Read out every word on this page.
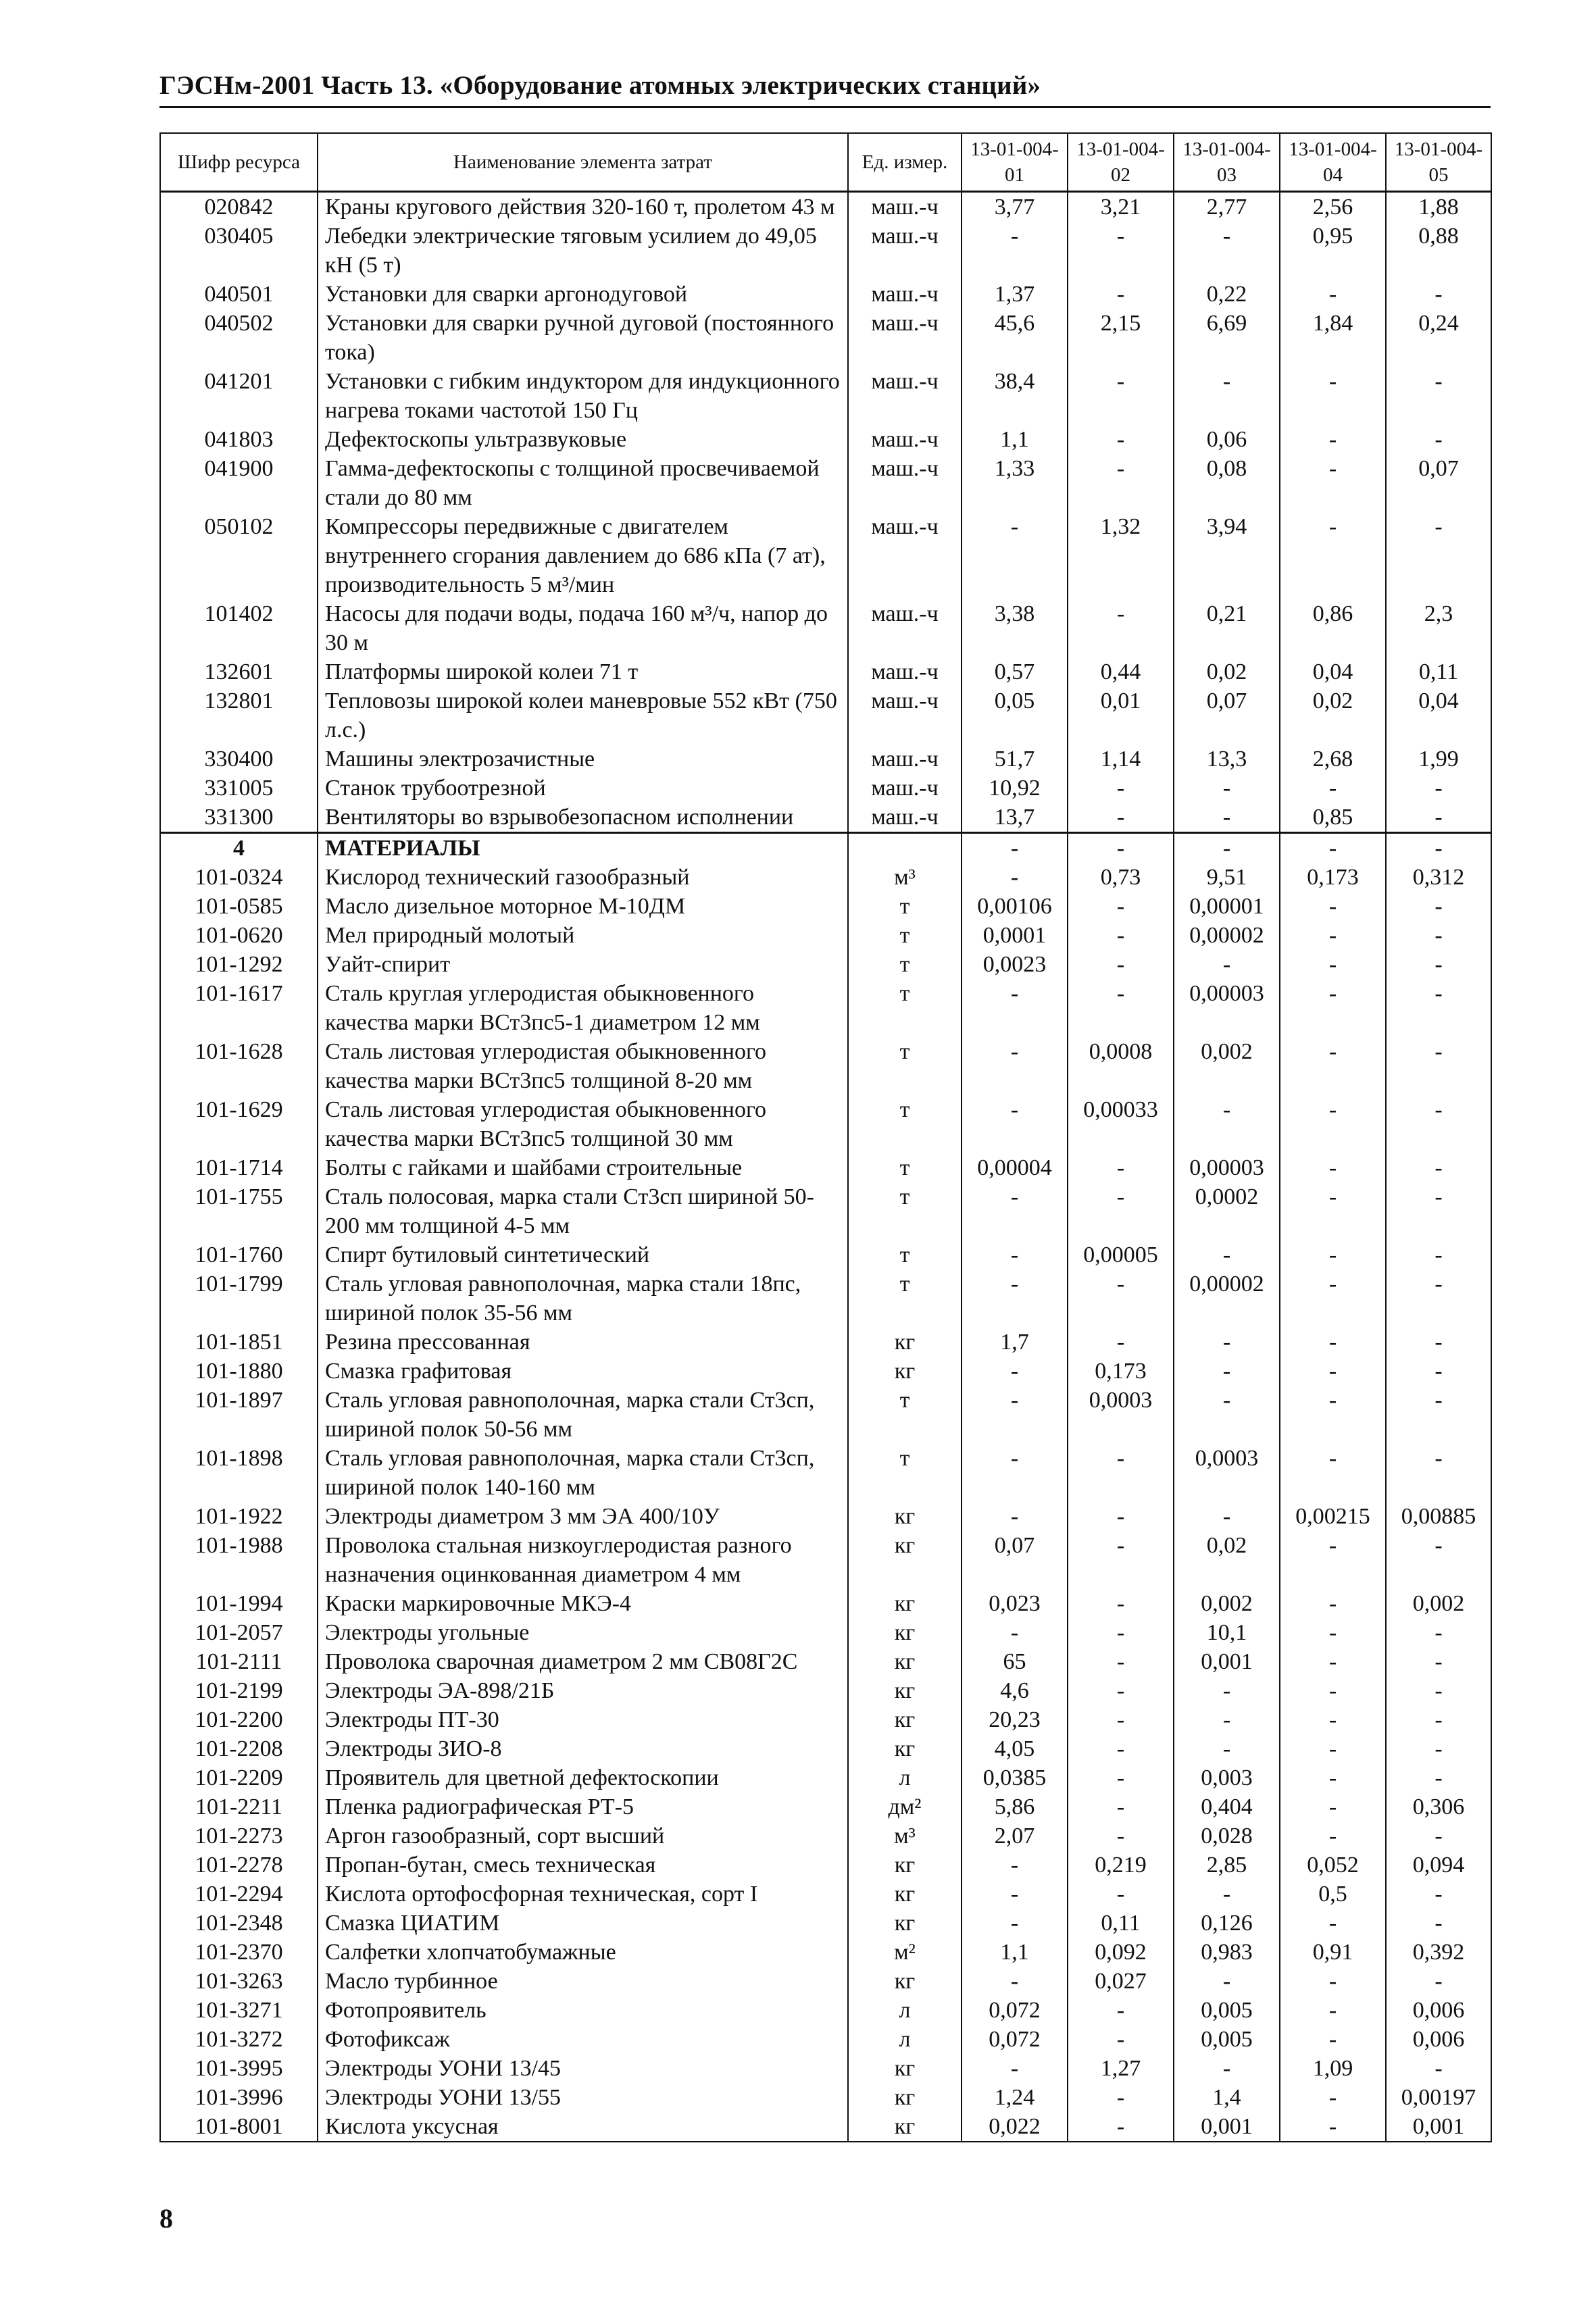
ГЭСНм-2001 Часть 13. «Оборудование атомных электрических станций»
Шифр ресурса	Наименование элемента затрат	Ед. измер.	13-01-004-01	13-01-004-02	13-01-004-03	13-01-004-04	13-01-004-05
020842	Краны кругового действия 320-160 т, пролетом 43 м	маш.-ч	3,77	3,21	2,77	2,56	1,88
030405	Лебедки электрические тяговым усилием до 49,05 кН (5 т)	маш.-ч	-	-	-	0,95	0,88
040501	Установки для сварки аргонодуговой	маш.-ч	1,37	-	0,22	-	-
040502	Установки для сварки ручной дуговой (постоянного тока)	маш.-ч	45,6	2,15	6,69	1,84	0,24
041201	Установки с гибким индуктором для индукционного нагрева токами частотой 150 Гц	маш.-ч	38,4	-	-	-	-
041803	Дефектоскопы ультразвуковые	маш.-ч	1,1	-	0,06	-	-
041900	Гамма-дефектоскопы с толщиной просвечиваемой стали до 80 мм	маш.-ч	1,33	-	0,08	-	0,07
050102	Компрессоры передвижные с двигателем внутреннего сгорания давлением до 686 кПа (7 ат), производительность 5 м³/мин	маш.-ч	-	1,32	3,94	-	-
101402	Насосы для подачи воды, подача 160 м³/ч, напор до 30 м	маш.-ч	3,38	-	0,21	0,86	2,3
132601	Платформы широкой колеи 71 т	маш.-ч	0,57	0,44	0,02	0,04	0,11
132801	Тепловозы широкой колеи маневровые 552 кВт (750 л.с.)	маш.-ч	0,05	0,01	0,07	0,02	0,04
330400	Машины электрозачистные	маш.-ч	51,7	1,14	13,3	2,68	1,99
331005	Станок трубоотрезной	маш.-ч	10,92	-	-	-	-
331300	Вентиляторы во взрывобезопасном исполнении	маш.-ч	13,7	-	-	0,85	-
4	МАТЕРИАЛЫ		-	-	-	-	-
101-0324	Кислород технический газообразный	м³	-	0,73	9,51	0,173	0,312
101-0585	Масло дизельное моторное М-10ДМ	т	0,00106	-	0,00001	-	-
101-0620	Мел природный молотый	т	0,0001	-	0,00002	-	-
101-1292	Уайт-спирит	т	0,0023	-	-	-	-
101-1617	Сталь круглая углеродистая обыкновенного качества марки ВСт3пс5-1 диаметром 12 мм	т	-	-	0,00003	-	-
101-1628	Сталь листовая углеродистая обыкновенного качества марки ВСт3пс5 толщиной 8-20 мм	т	-	0,0008	0,002	-	-
101-1629	Сталь листовая углеродистая обыкновенного качества марки ВСт3пс5 толщиной 30 мм	т	-	0,00033	-	-	-
101-1714	Болты с гайками и шайбами строительные	т	0,00004	-	0,00003	-	-
101-1755	Сталь полосовая, марка стали Ст3сп шириной 50-200 мм толщиной 4-5 мм	т	-	-	0,0002	-	-
101-1760	Спирт бутиловый синтетический	т	-	0,00005	-	-	-
101-1799	Сталь угловая равнополочная, марка стали 18пс, шириной полок 35-56 мм	т	-	-	0,00002	-	-
101-1851	Резина прессованная	кг	1,7	-	-	-	-
101-1880	Смазка графитовая	кг	-	0,173	-	-	-
101-1897	Сталь угловая равнополочная, марка стали Ст3сп, шириной полок 50-56 мм	т	-	0,0003	-	-	-
101-1898	Сталь угловая равнополочная, марка стали Ст3сп, шириной полок 140-160 мм	т	-	-	0,0003	-	-
101-1922	Электроды диаметром 3 мм ЭА 400/10У	кг	-	-	-	0,00215	0,00885
101-1988	Проволока стальная низкоуглеродистая разного назначения оцинкованная диаметром 4 мм	кг	0,07	-	0,02	-	-
101-1994	Краски маркировочные МКЭ-4	кг	0,023	-	0,002	-	0,002
101-2057	Электроды угольные	кг	-	-	10,1	-	-
101-2111	Проволока сварочная диаметром 2 мм СВ08Г2С	кг	65	-	0,001	-	-
101-2199	Электроды ЭА-898/21Б	кг	4,6	-	-	-	-
101-2200	Электроды ПТ-30	кг	20,23	-	-	-	-
101-2208	Электроды ЗИО-8	кг	4,05	-	-	-	-
101-2209	Проявитель для цветной дефектоскопии	л	0,0385	-	0,003	-	-
101-2211	Пленка радиографическая РТ-5	дм²	5,86	-	0,404	-	0,306
101-2273	Аргон газообразный, сорт высший	м³	2,07	-	0,028	-	-
101-2278	Пропан-бутан, смесь техническая	кг	-	0,219	2,85	0,052	0,094
101-2294	Кислота ортофосфорная техническая, сорт I	кг	-	-	-	0,5	-
101-2348	Смазка ЦИАТИМ	кг	-	0,11	0,126	-	-
101-2370	Салфетки хлопчатобумажные	м²	1,1	0,092	0,983	0,91	0,392
101-3263	Масло турбинное	кг	-	0,027	-	-	-
101-3271	Фотопроявитель	л	0,072	-	0,005	-	0,006
101-3272	Фотофиксаж	л	0,072	-	0,005	-	0,006
101-3995	Электроды УОНИ 13/45	кг	-	1,27	-	1,09	-
101-3996	Электроды УОНИ 13/55	кг	1,24	-	1,4	-	0,00197
101-8001	Кислота уксусная	кг	0,022	-	0,001	-	0,001
8
